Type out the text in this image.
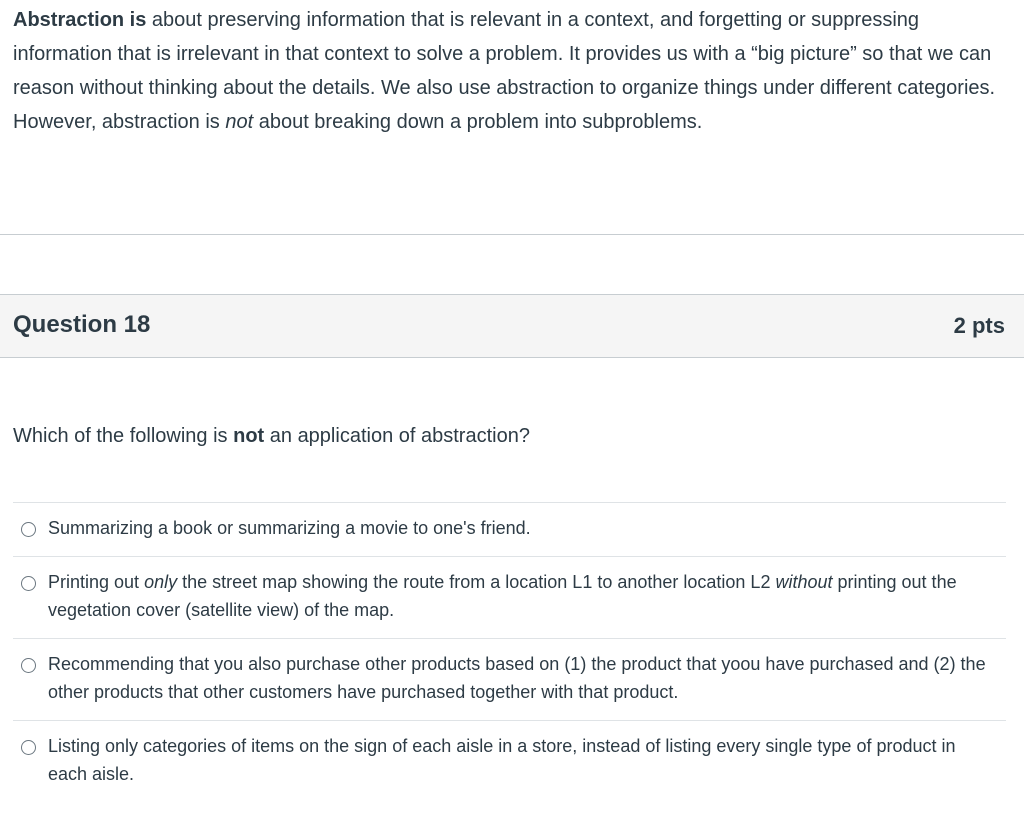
Abstraction is about preserving information that is relevant in a context, and forgetting or suppressing information that is irrelevant in that context to solve a problem. It provides us with a “big picture” so that we can reason without thinking about the details. We also use abstraction to organize things under different categories. However, abstraction is not about breaking down a problem into subproblems.

Question 18	2 pts
Which of the following is not an application of abstraction?
Summarizing a book or summarizing a movie to one's friend.
Printing out only the street map showing the route from a location L1 to another location L2 without printing out the vegetation cover (satellite view) of the map.
Recommending that you also purchase other products based on (1) the product that yoou have purchased and (2) the other products that other customers have purchased together with that product.
Listing only categories of items on the sign of each aisle in a store, instead of listing every single type of product in each aisle.
